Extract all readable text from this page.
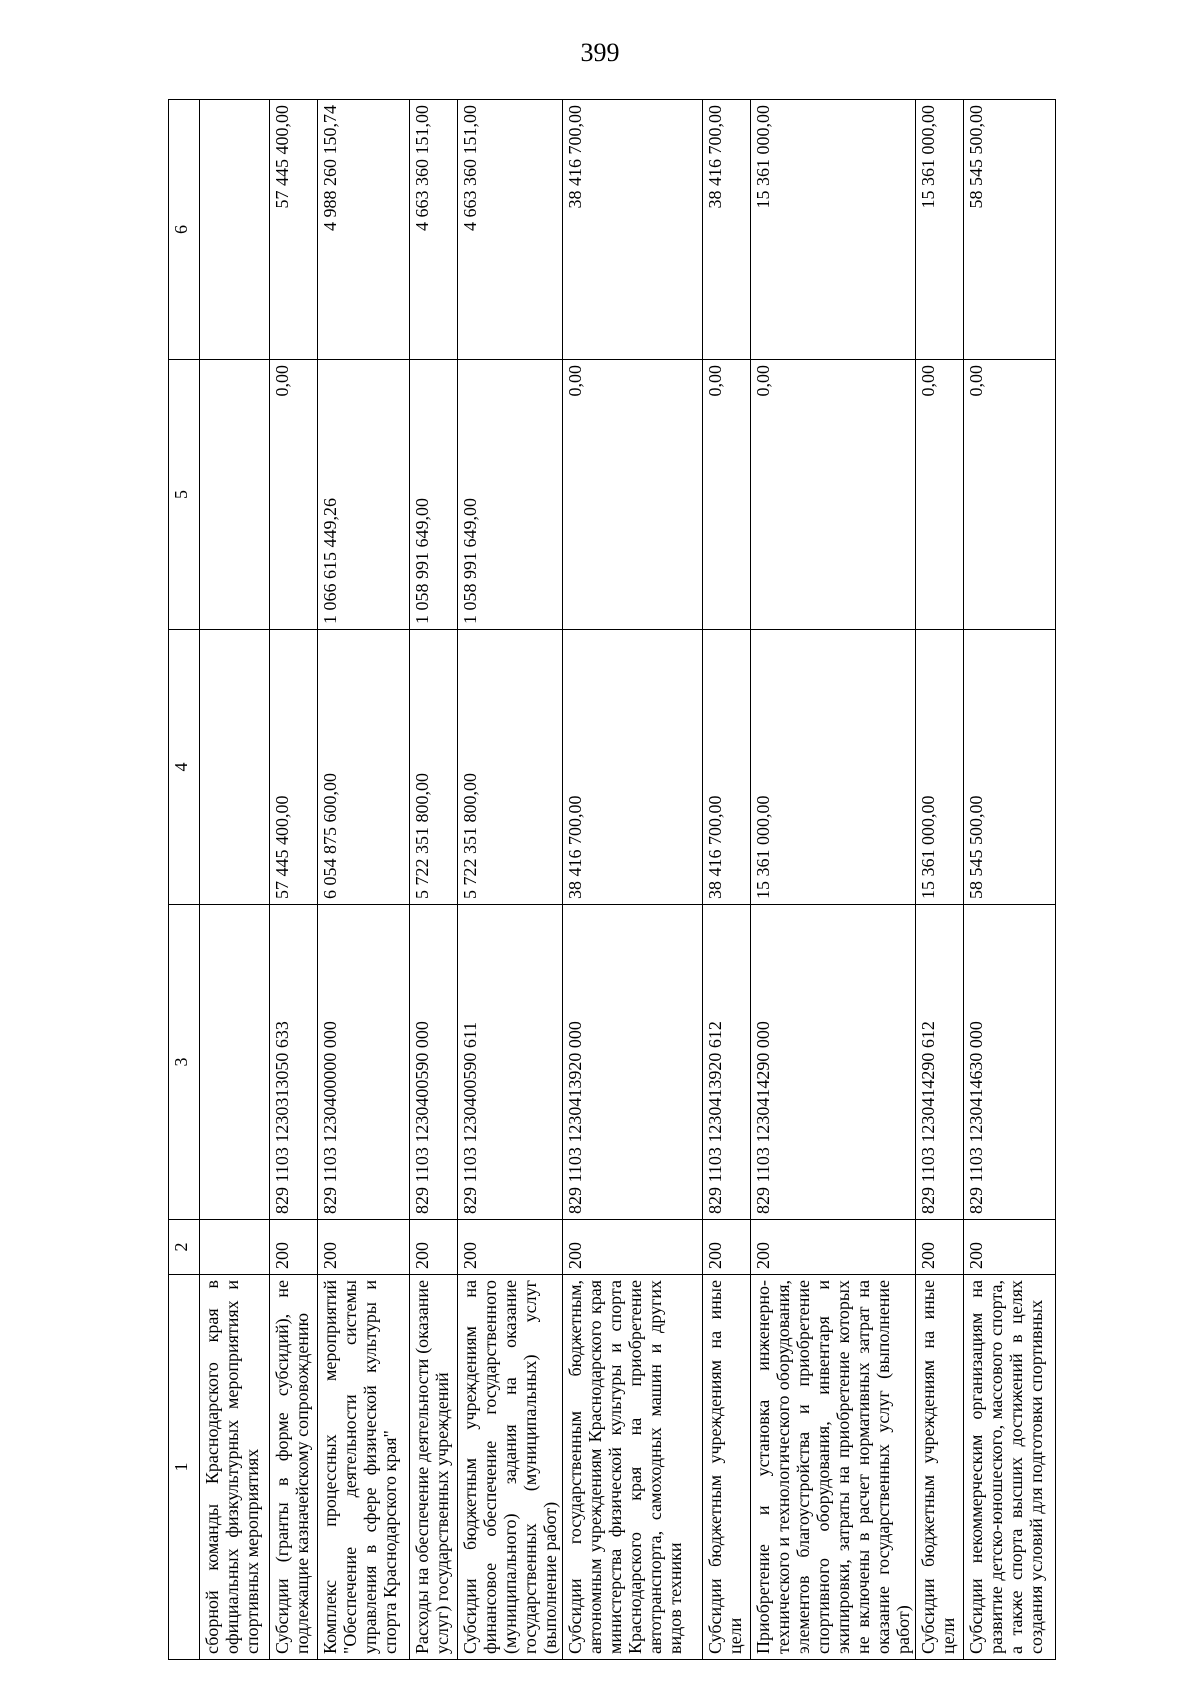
399
1	2	3	4	5	6
сборной команды Краснодарского края в официальных физкультурных мероприятиях и спортивных мероприятиях					
Субсидии (гранты в форме субсидий), не подлежащие казначейскому сопровождению	200	829 1103 1230313050 633	57 445 400,00	0,00	57 445 400,00
Комплекс процессных мероприятий "Обеспечение деятельности системы управления в сфере физической культуры и спорта Краснодарского края"	200	829 1103 1230400000 000	6 054 875 600,00	1 066 615 449,26	4 988 260 150,74
Расходы на обеспечение деятельности (оказание услуг) государственных учреждений	200	829 1103 1230400590 000	5 722 351 800,00	1 058 991 649,00	4 663 360 151,00
Субсидии бюджетным учреждениям на финансовое обеспечение государственного (муниципального) задания на оказание государственных (муниципальных) услуг (выполнение работ)	200	829 1103 1230400590 611	5 722 351 800,00	1 058 991 649,00	4 663 360 151,00
Субсидии государственным бюджетным, автономным учреждениям Краснодарского края министерства физической культуры и спорта Краснодарского края на приобретение автотранспорта, самоходных машин и других видов техники	200	829 1103 1230413920 000	38 416 700,00	0,00	38 416 700,00
Субсидии бюджетным учреждениям на иные цели	200	829 1103 1230413920 612	38 416 700,00	0,00	38 416 700,00
Приобретение и установка инженерно-технического и технологического оборудования, элементов благоустройства и приобретение спортивного оборудования, инвентаря и экипировки, затраты на приобретение которых не включены в расчет нормативных затрат на оказание государственных услуг (выполнение работ)	200	829 1103 1230414290 000	15 361 000,00	0,00	15 361 000,00
Субсидии бюджетным учреждениям на иные цели	200	829 1103 1230414290 612	15 361 000,00	0,00	15 361 000,00
Субсидии некоммерческим организациям на развитие детско-юношеского, массового спорта, а также спорта высших достижений в целях создания условий для подготовки спортивных	200	829 1103 1230414630 000	58 545 500,00	0,00	58 545 500,00
